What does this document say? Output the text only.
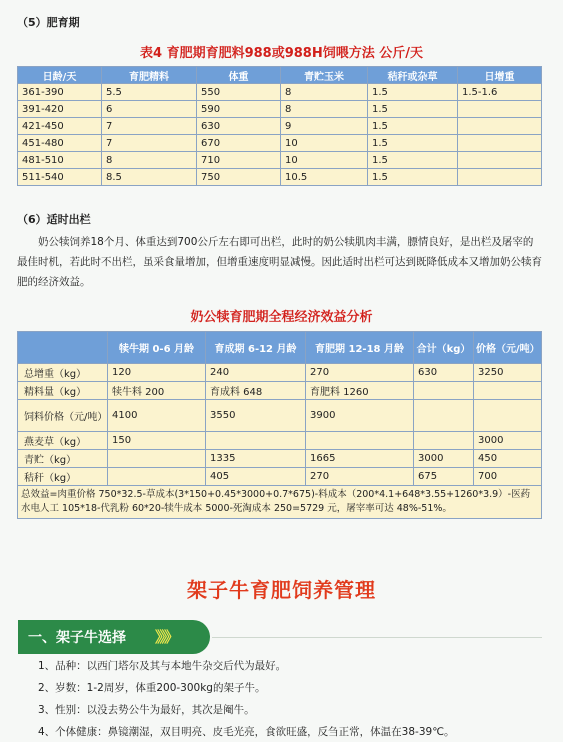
（5）肥育期
表4 育肥期育肥料988或988H饲喂方法 公斤/天
日龄/天	育肥精料	体重	青贮玉米	秸秆或杂草	日增重
361-390	5.5	550	8	1.5	1.5-1.6
391-420	6	590	8	1.5	
421-450	7	630	9	1.5	
451-480	7	670	10	1.5	
481-510	8	710	10	1.5	
511-540	8.5	750	10.5	1.5	
（6）适时出栏

奶公犊饲养18个月、体重达到700公斤左右即可出栏，此时的奶公犊肌肉丰满，膘情良好，是出栏及屠宰的最佳时机，若此时不出栏，虽采食量增加，但增重速度明显减慢。因此适时出栏可达到既降低成本又增加奶公犊育肥的经济效益。

奶公犊育肥期全程经济效益分析
	犊牛期 0-6 月龄	育成期 6-12 月龄	育肥期 12-18 月龄	合计（kg）	价格（元/吨）
总增重（kg）	120	240	270	630	3250
精料量（kg）	犊牛料 200	育成料 648	育肥料 1260		
饲料价格（元/吨）	4100	3550	3900		
燕麦草（kg）	150				3000
青贮（kg）		1335	1665	3000	450
秸秆（kg）		405	270	675	700
总效益=肉重价格 750*32.5-草成本(3*150+0.45*3000+0.7*675)-料成本（200*4.1+648*3.55+1260*3.9）-医药水电人工 105*18-代乳粉 60*20-犊牛成本 5000-死淘成本 250=5729 元，屠宰率可达 48%-51%。					
架子牛育肥饲养管理
一、架子牛选择 》》》
1、品种：以西门塔尔及其与本地牛杂交后代为最好。
2、岁数：1-2周岁，体重200-300kg的架子牛。
3、性别：以没去势公牛为最好，其次是阉牛。
4、个体健康：鼻镜潮湿，双目明亮、皮毛光亮，食欲旺盛，反刍正常，体温在38-39℃。
